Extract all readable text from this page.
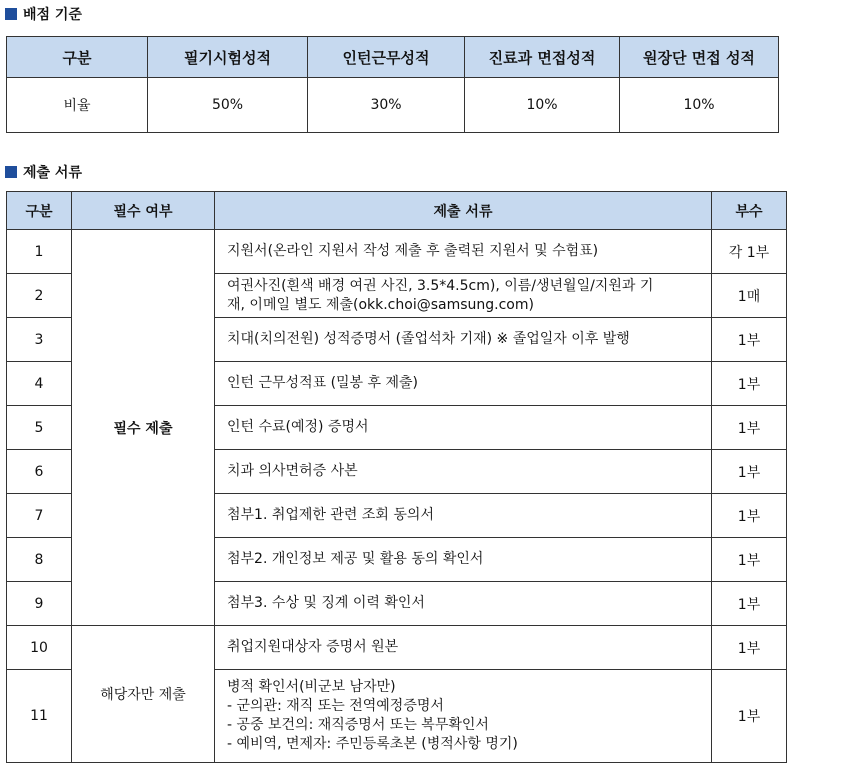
배점 기준
구분	필기시험성적	인턴근무성적	진료과 면접성적	원장단 면접 성적
비율	50%	30%	10%	10%
제출 서류
구분	필수 여부	제출 서류	부수
1	필수 제출	지원서(온라인 지원서 작성 제출 후 출력된 지원서 및 수험표)	각 1부
2		여권사진(흰색 배경 여권 사진, 3.5*4.5cm), 이름/생년월일/지원과 기
재, 이메일 별도 제출(okk.choi@samsung.com)	1매
3		치대(치의전원) 성적증명서 (졸업석차 기재) ※ 졸업일자 이후 발행	1부
4		인턴 근무성적표 (밀봉 후 제출)	1부
5		인턴 수료(예정) 증명서	1부
6		치과 의사면허증 사본	1부
7		첨부1. 취업제한 관련 조회 동의서	1부
8		첨부2. 개인정보 제공 및 활용 동의 확인서	1부
9		첨부3. 수상 및 징계 이력 확인서	1부
10	해당자만 제출	취업지원대상자 증명서 원본	1부
11		병적 확인서(비군보 남자만)
- 군의관: 재직 또는 전역예정증명서
- 공중 보건의: 재직증명서 또는 복무확인서
- 예비역, 면제자: 주민등록초본 (병적사항 명기)	1부
